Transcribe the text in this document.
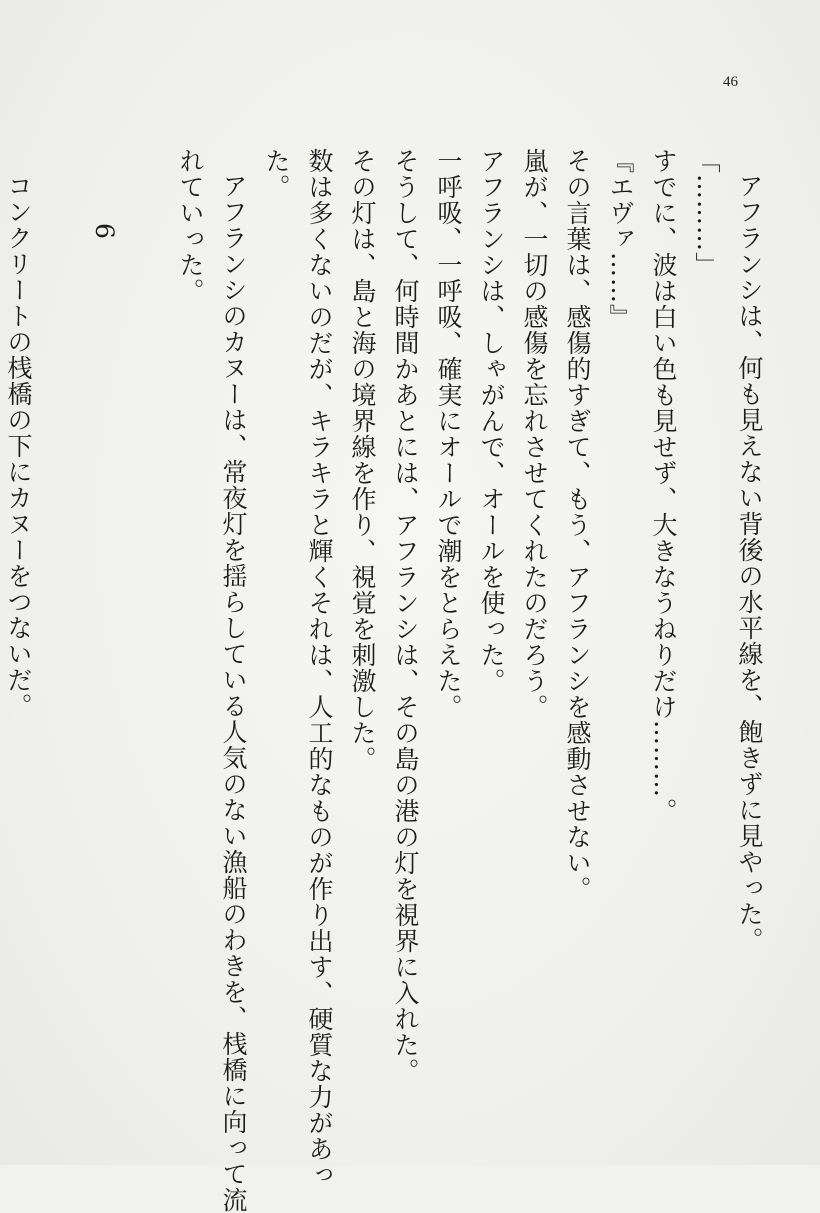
46
アフランシは、何も見えない背後の水平線を、飽きずに見やった。
「………」
すでに、波は白い色も見せず、大きなうねりだけ………。
『エヴァ……』
その言葉は、感傷的すぎて、もう、アフランシを感動させない。
嵐が、一切の感傷を忘れさせてくれたのだろう。
アフランシは、しゃがんで、オールを使った。
一呼吸、一呼吸、確実にオールで潮をとらえた。
そうして、何時間かあとには、アフランシは、その島の港の灯を視界に入れた。
その灯は、島と海の境界線を作り、視覚を刺激した。
数は多くないのだが、キラキラと輝くそれは、人工的なものが作り出す、硬質な力があっ
た。
アフランシのカヌーは、常夜灯を揺らしている人気のない漁船のわきを、桟橋に向って流
れていった。
6
コンクリートの桟橋の下にカヌーをつないだ。
